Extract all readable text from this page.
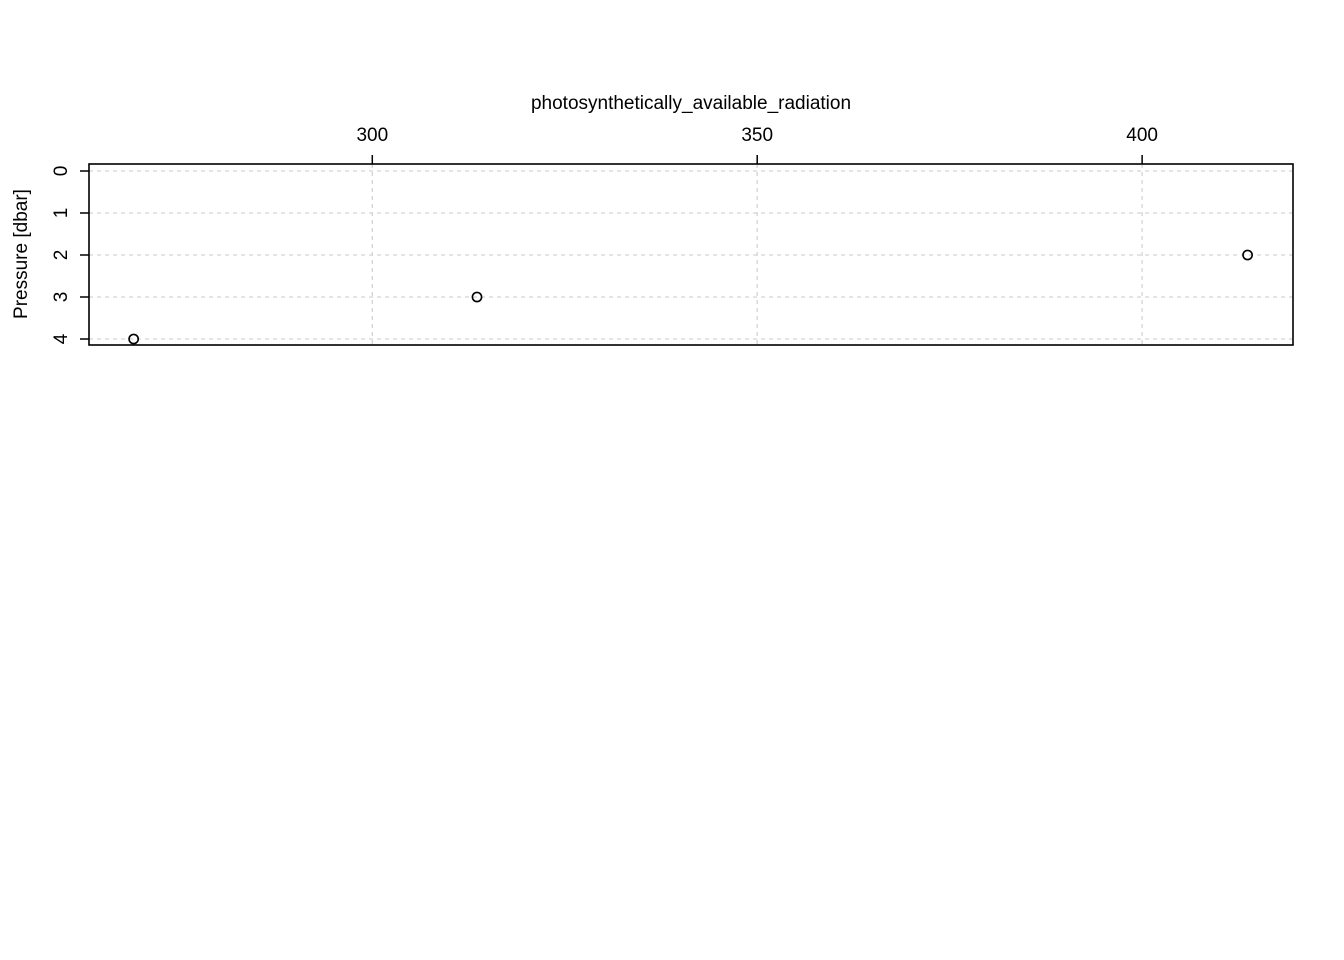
300	350	400
0
1
2
3
4
photosynthetically_available_radiation
Pressure [dbar]
